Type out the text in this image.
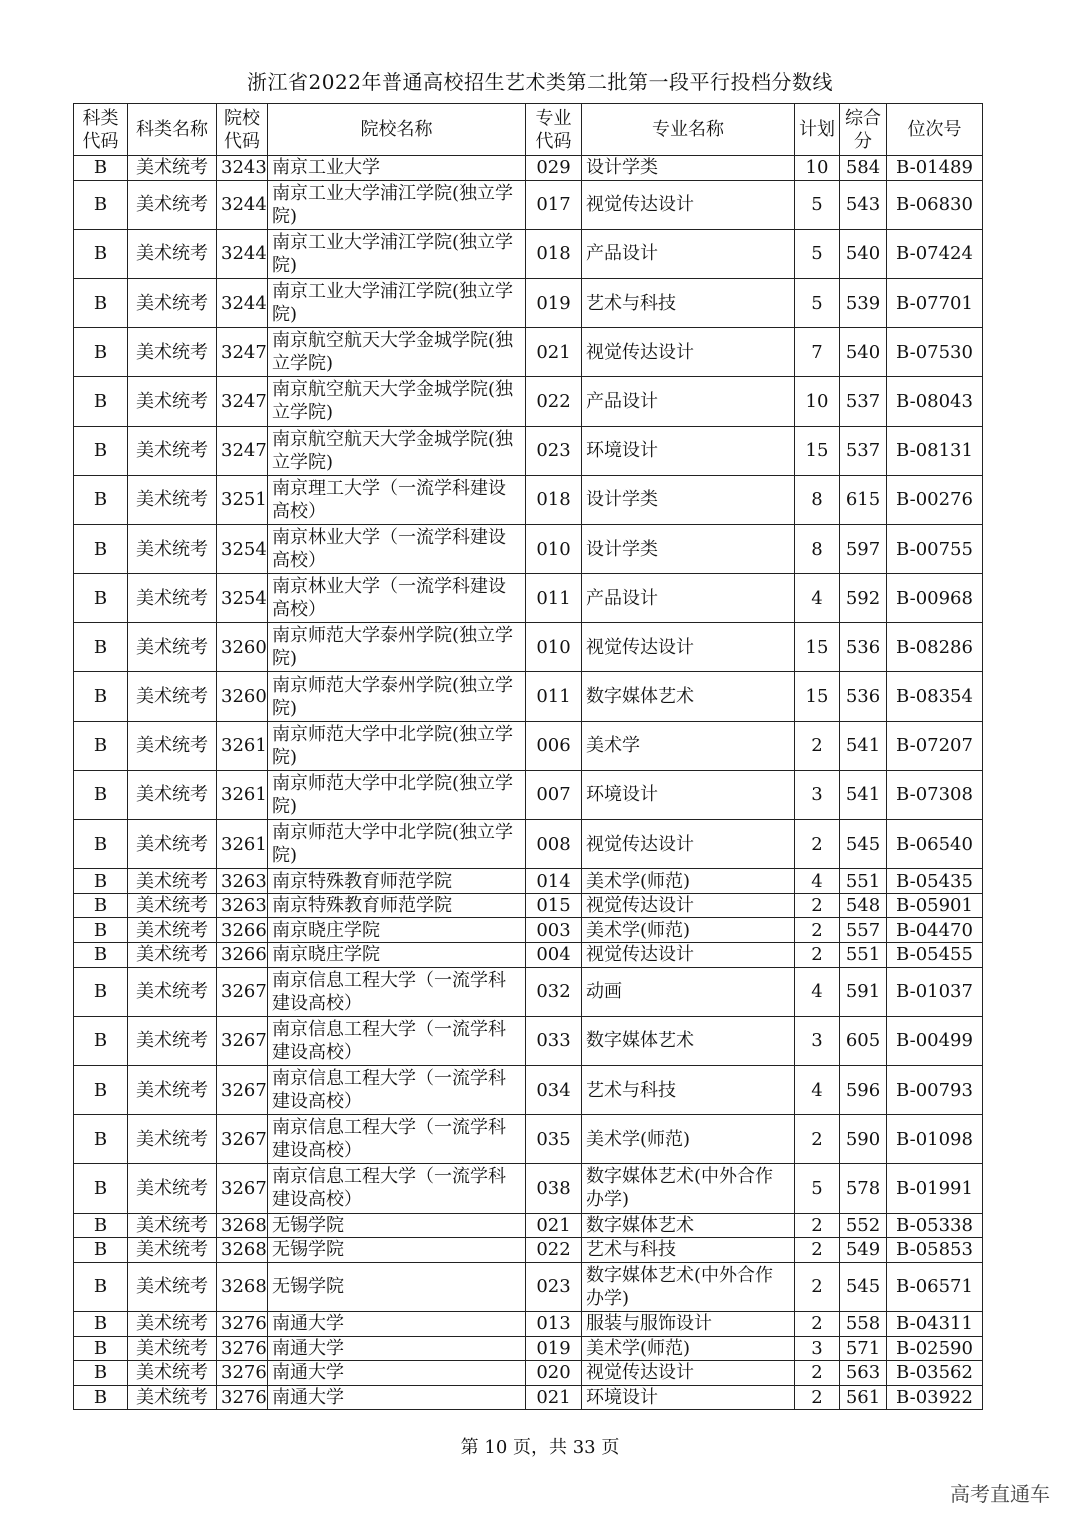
浙江省2022年普通高校招生艺术类第二批第一段平行投档分数线
科类代码	科类名称	院校代码	院校名称	专业代码	专业名称	计划	综合分	位次号
B	美术统考	3243	南京工业大学	029	设计学类	10	584	B-01489
B	美术统考	3244	南京工业大学浦江学院(独立学院)	017	视觉传达设计	5	543	B-06830
B	美术统考	3244	南京工业大学浦江学院(独立学院)	018	产品设计	5	540	B-07424
B	美术统考	3244	南京工业大学浦江学院(独立学院)	019	艺术与科技	5	539	B-07701
B	美术统考	3247	南京航空航天大学金城学院(独立学院)	021	视觉传达设计	7	540	B-07530
B	美术统考	3247	南京航空航天大学金城学院(独立学院)	022	产品设计	10	537	B-08043
B	美术统考	3247	南京航空航天大学金城学院(独立学院)	023	环境设计	15	537	B-08131
B	美术统考	3251	南京理工大学（一流学科建设高校）	018	设计学类	8	615	B-00276
B	美术统考	3254	南京林业大学（一流学科建设高校）	010	设计学类	8	597	B-00755
B	美术统考	3254	南京林业大学（一流学科建设高校）	011	产品设计	4	592	B-00968
B	美术统考	3260	南京师范大学泰州学院(独立学院)	010	视觉传达设计	15	536	B-08286
B	美术统考	3260	南京师范大学泰州学院(独立学院)	011	数字媒体艺术	15	536	B-08354
B	美术统考	3261	南京师范大学中北学院(独立学院)	006	美术学	2	541	B-07207
B	美术统考	3261	南京师范大学中北学院(独立学院)	007	环境设计	3	541	B-07308
B	美术统考	3261	南京师范大学中北学院(独立学院)	008	视觉传达设计	2	545	B-06540
B	美术统考	3263	南京特殊教育师范学院	014	美术学(师范)	4	551	B-05435
B	美术统考	3263	南京特殊教育师范学院	015	视觉传达设计	2	548	B-05901
B	美术统考	3266	南京晓庄学院	003	美术学(师范)	2	557	B-04470
B	美术统考	3266	南京晓庄学院	004	视觉传达设计	2	551	B-05455
B	美术统考	3267	南京信息工程大学（一流学科建设高校）	032	动画	4	591	B-01037
B	美术统考	3267	南京信息工程大学（一流学科建设高校）	033	数字媒体艺术	3	605	B-00499
B	美术统考	3267	南京信息工程大学（一流学科建设高校）	034	艺术与科技	4	596	B-00793
B	美术统考	3267	南京信息工程大学（一流学科建设高校）	035	美术学(师范)	2	590	B-01098
B	美术统考	3267	南京信息工程大学（一流学科建设高校）	038	数字媒体艺术(中外合作办学)	5	578	B-01991
B	美术统考	3268	无锡学院	021	数字媒体艺术	2	552	B-05338
B	美术统考	3268	无锡学院	022	艺术与科技	2	549	B-05853
B	美术统考	3268	无锡学院	023	数字媒体艺术(中外合作办学)	2	545	B-06571
B	美术统考	3276	南通大学	013	服装与服饰设计	2	558	B-04311
B	美术统考	3276	南通大学	019	美术学(师范)	3	571	B-02590
B	美术统考	3276	南通大学	020	视觉传达设计	2	563	B-03562
B	美术统考	3276	南通大学	021	环境设计	2	561	B-03922
第 10 页，共 33 页
高考直通车
